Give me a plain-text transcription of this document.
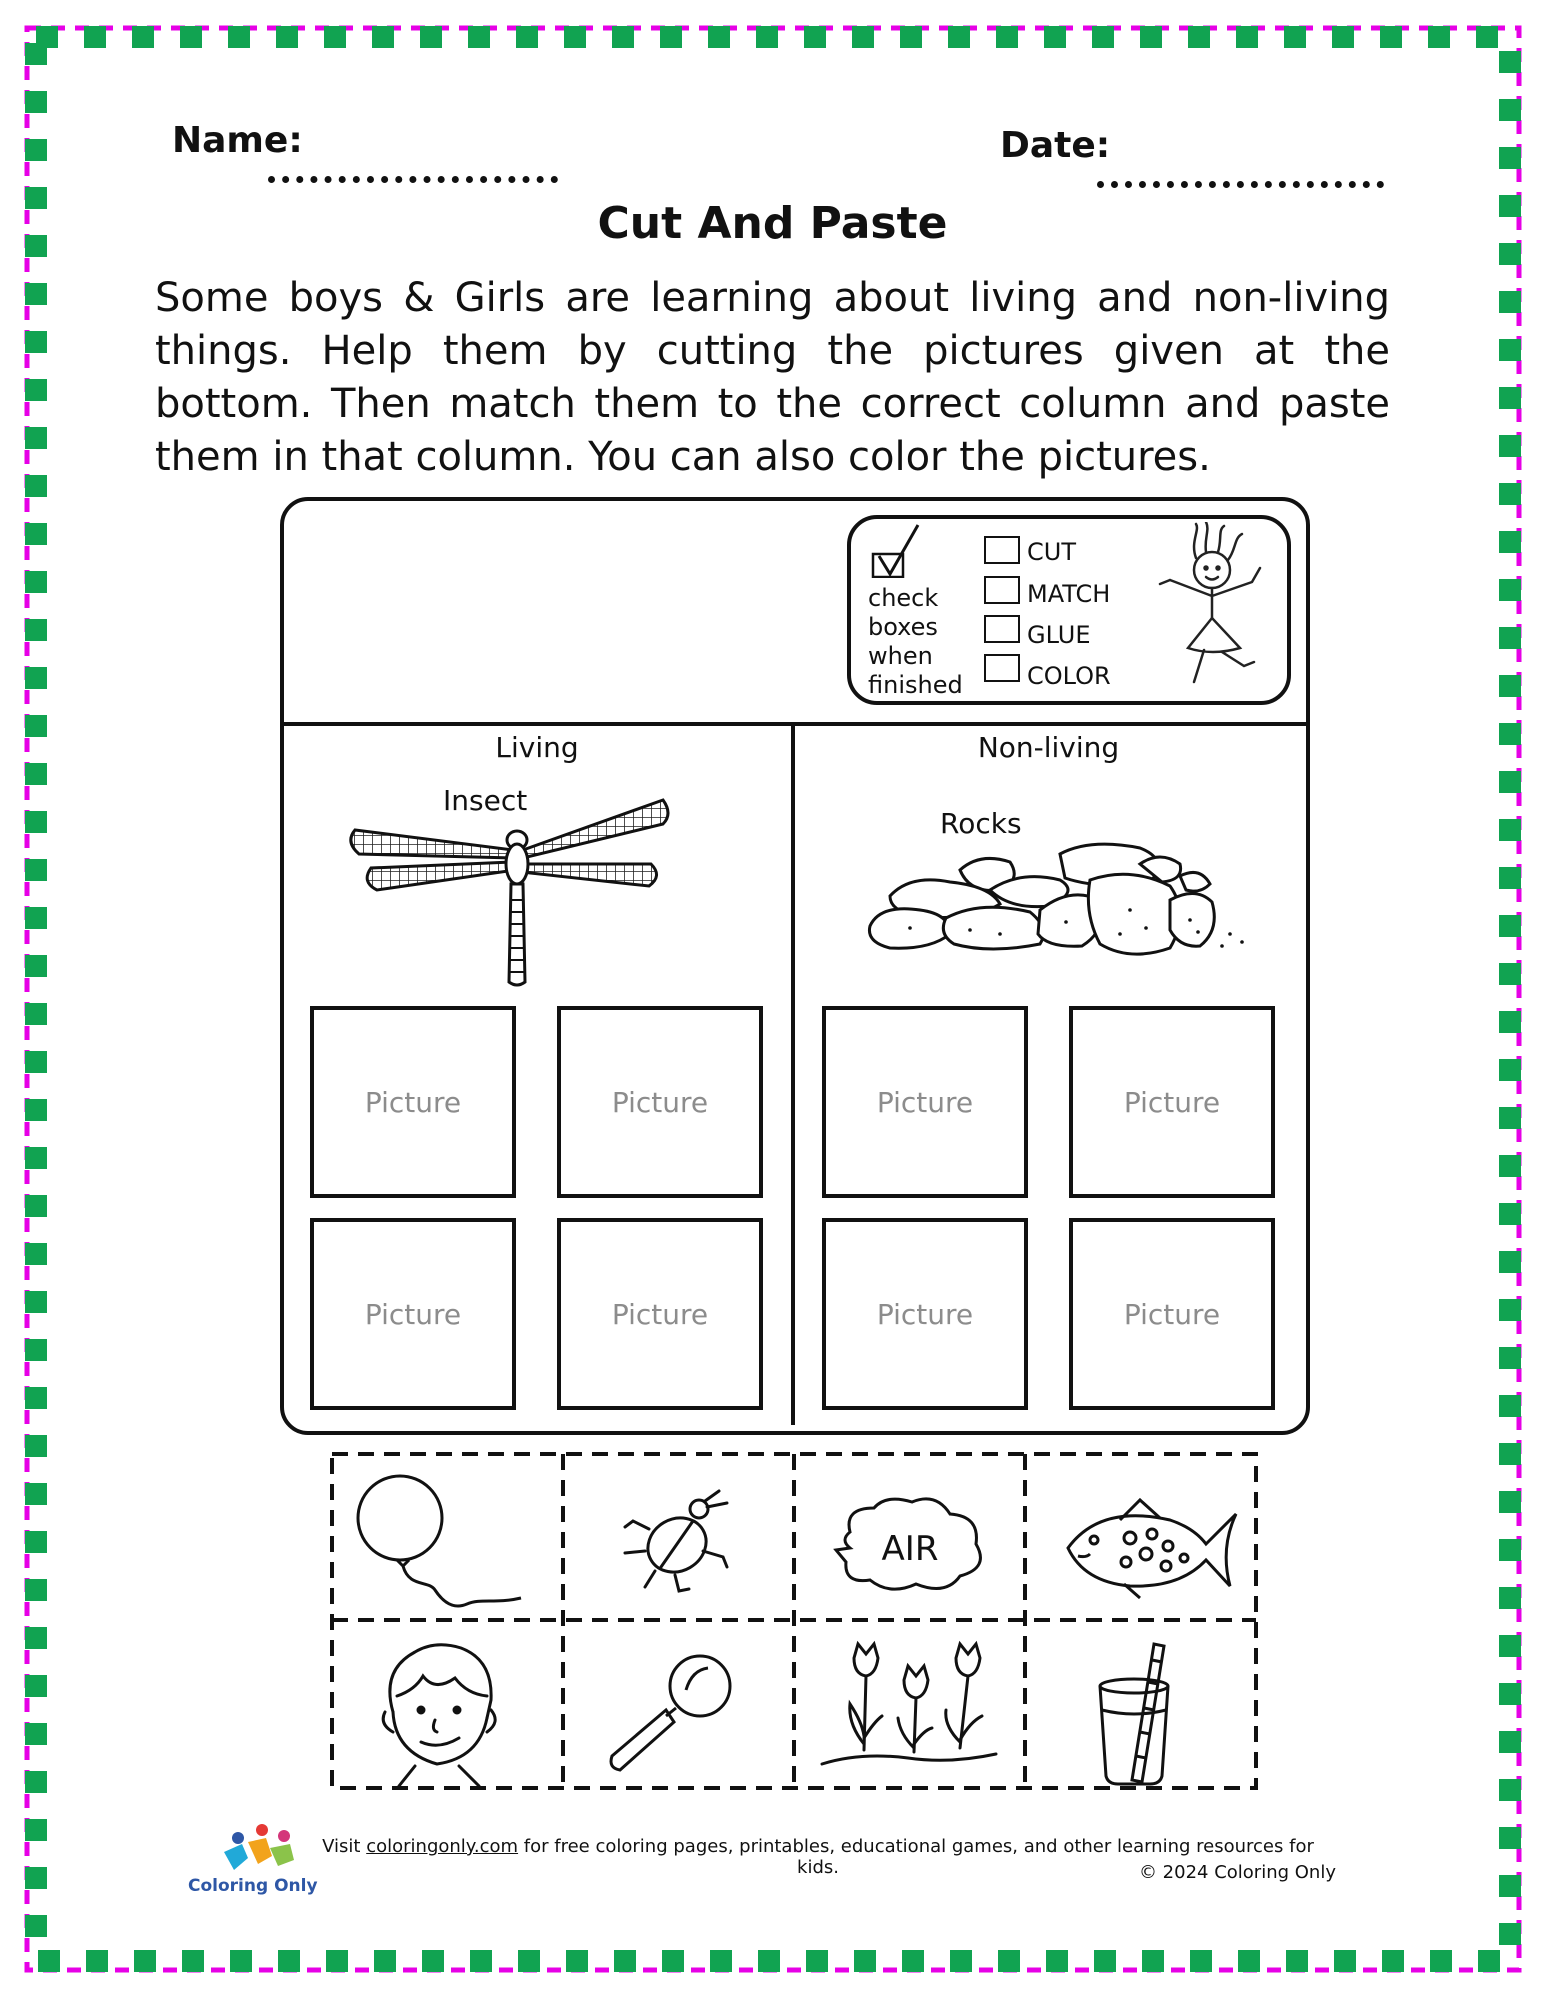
Name:	Date:
Cut And Paste
Some boys & Girls are learning about living and non-living things. Help them by cutting the pictures given at the bottom. Then match them to the correct column and paste them in that column. You can also color the pictures.
check
boxes
when
finished
CUT
MATCH
GLUE
COLOR
Living	Non-living
Insect
Rocks
Picture	Picture
Picture	Picture
Picture	Picture
Picture	Picture
AIR
Coloring Only
Visit coloringonly.com for free coloring pages, printables, educational games, and other learning resources for kids.	© 2024 Coloring Only
